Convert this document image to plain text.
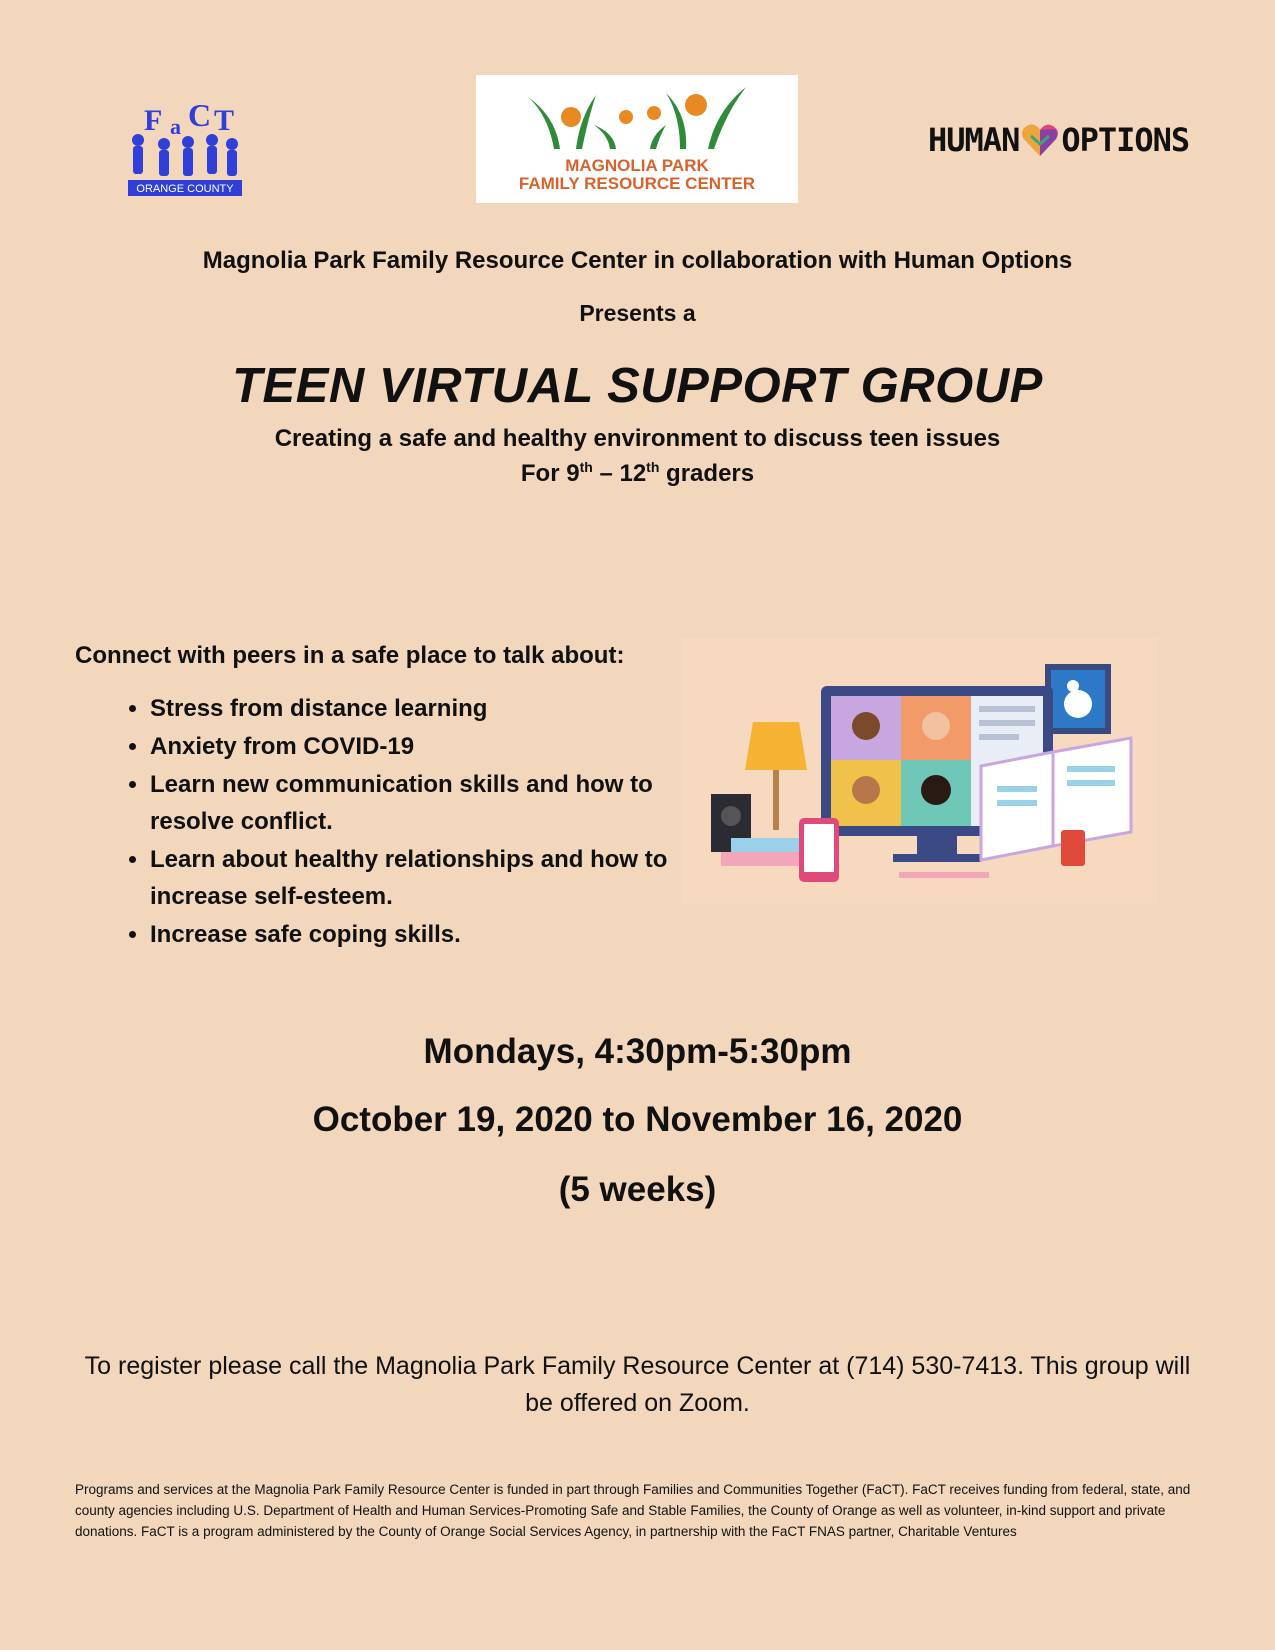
F a C T
ORANGE COUNTY
MAGNOLIA PARK
FAMILY RESOURCE CENTER
HUMAN OPTIONS
Magnolia Park Family Resource Center in collaboration with Human Options
Presents a
TEEN VIRTUAL SUPPORT GROUP
Creating a safe and healthy environment to discuss teen issues
For 9th – 12th graders
Connect with peers in a safe place to talk about:
• Stress from distance learning
• Anxiety from COVID-19
• Learn new communication skills and how to resolve conflict.
• Learn about healthy relationships and how to increase self-esteem.
• Increase safe coping skills.
Mondays, 4:30pm-5:30pm
October 19, 2020 to November 16, 2020
(5 weeks)
To register please call the Magnolia Park Family Resource Center at (714) 530-7413. This group will be offered on Zoom.
Programs and services at the Magnolia Park Family Resource Center is funded in part through Families and Communities Together (FaCT). FaCT receives funding from federal, state, and county agencies including U.S. Department of Health and Human Services-Promoting Safe and Stable Families, the County of Orange as well as volunteer, in-kind support and private donations. FaCT is a program administered by the County of Orange Social Services Agency, in partnership with the FaCT FNAS partner, Charitable Ventures
